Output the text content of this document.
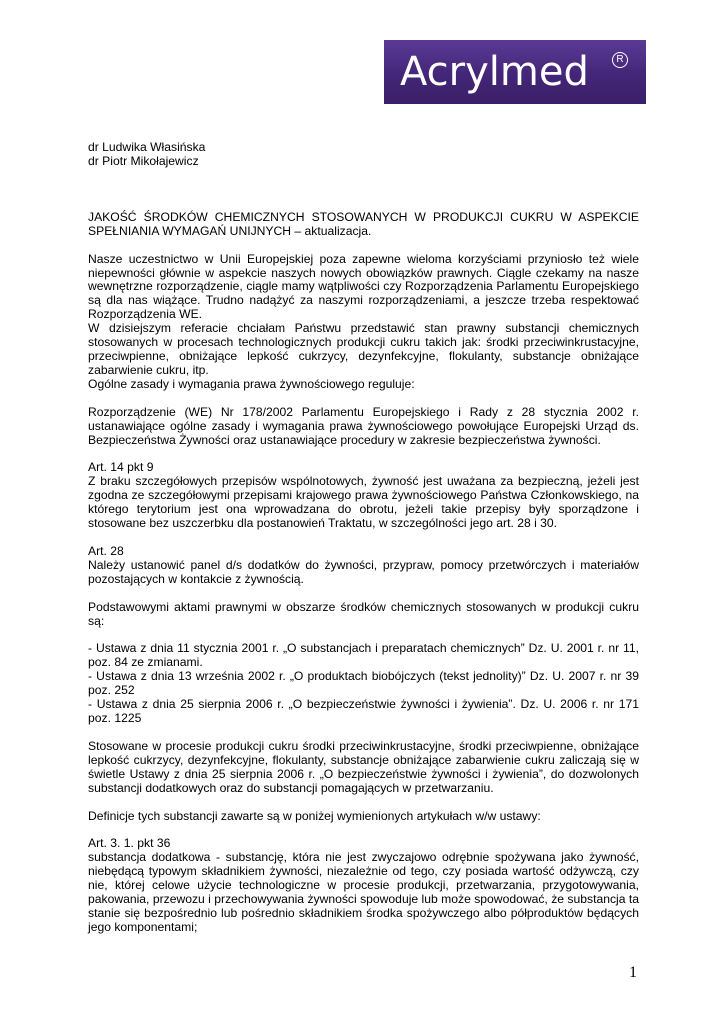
Acrylmed	R

dr Ludwika Własińska

dr Piotr Mikołajewicz

JAKOŚĆ ŚRODKÓW CHEMICZNYCH STOSOWANYCH W PRODUKCJI CUKRU W ASPEKCIE SPEŁNIANIA WYMAGAŃ UNIJNYCH – aktualizacja.

Nasze uczestnictwo w Unii Europejskiej poza zapewne wieloma korzyściami przyniosło też wiele niepewności głównie w aspekcie naszych nowych obowiązków prawnych. Ciągle czekamy na nasze wewnętrzne rozporządzenie, ciągle mamy wątpliwości czy Rozporządzenia Parlamentu Europejskiego są dla nas wiążące. Trudno nadążyć za naszymi rozporządzeniami, a jeszcze trzeba respektować Rozporządzenia WE.

W dzisiejszym referacie chciałam Państwu przedstawić stan prawny substancji chemicznych stosowanych w procesach technologicznych produkcji cukru takich jak: środki przeciwinkrustacyjne, przeciwpienne, obniżające lepkość cukrzycy, dezynfekcyjne, flokulanty, substancje obniżające zabarwienie cukru, itp.

Ogólne zasady i wymagania prawa żywnościowego reguluje:

Rozporządzenie (WE) Nr 178/2002 Parlamentu Europejskiego i Rady z 28 stycznia 2002 r. ustanawiające ogólne zasady i wymagania prawa żywnościowego powołujące Europejski Urząd ds. Bezpieczeństwa Żywności oraz ustanawiające procedury w zakresie bezpieczeństwa żywności.

Art. 14 pkt 9

Z braku szczegółowych przepisów wspólnotowych, żywność jest uważana za bezpieczną, jeżeli jest zgodna ze szczegółowymi przepisami krajowego prawa żywnościowego Państwa Członkowskiego, na którego terytorium jest ona wprowadzana do obrotu, jeżeli takie przepisy były sporządzone i stosowane bez uszczerbku dla postanowień Traktatu, w szczególności jego art. 28 i 30.

Art. 28

Należy ustanowić panel d/s dodatków do żywności, przypraw, pomocy przetwórczych i materiałów pozostających w kontakcie z żywnością.

Podstawowymi aktami prawnymi w obszarze środków chemicznych stosowanych w produkcji cukru są:

- Ustawa z dnia 11 stycznia 2001 r. „O substancjach i preparatach chemicznych” Dz. U. 2001 r. nr 11, poz. 84 ze zmianami.

- Ustawa z dnia 13 września 2002 r. „O produktach biobójczych (tekst jednolity)” Dz. U. 2007 r. nr 39 poz. 252

- Ustawa z dnia 25 sierpnia 2006 r. „O bezpieczeństwie żywności i żywienia”. Dz. U. 2006 r. nr 171 poz. 1225

Stosowane w procesie produkcji cukru środki przeciwinkrustacyjne, środki przeciwpienne, obniżające lepkość cukrzycy, dezynfekcyjne, flokulanty, substancje obniżające zabarwienie cukru zaliczają się w świetle Ustawy z dnia 25 sierpnia 2006 r. „O bezpieczeństwie żywności i żywienia”, do dozwolonych substancji dodatkowych oraz do substancji pomagających w przetwarzaniu.

Definicje tych substancji zawarte są w poniżej wymienionych artykułach w/w ustawy:

Art. 3. 1. pkt 36

substancja dodatkowa - substancję, która nie jest zwyczajowo odrębnie spożywana jako żywność, niebędącą typowym składnikiem żywności, niezależnie od tego, czy posiada wartość odżywczą, czy nie, której celowe użycie technologiczne w procesie produkcji, przetwarzania, przygotowywania, pakowania, przewozu i przechowywania żywności spowoduje lub może spowodować, że substancja ta stanie się bezpośrednio lub pośrednio składnikiem środka spożywczego albo półproduktów będących jego komponentami;

1
